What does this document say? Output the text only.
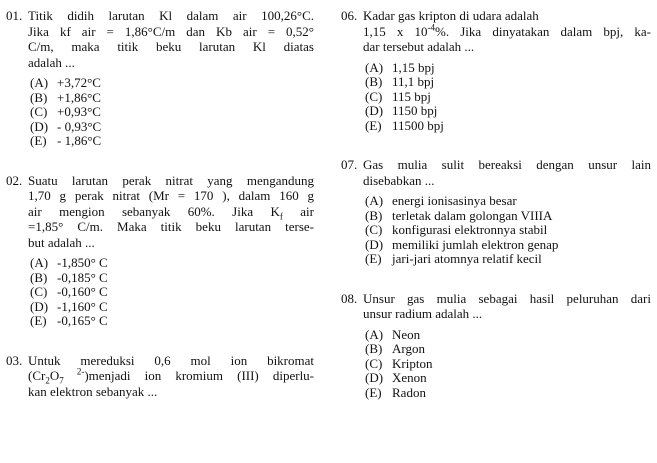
01. Titik didih larutan Kl dalam air 100,26°C.
Jika kf air = 1,86°C/m dan Kb air = 0,52°
C/m, maka titik beku larutan Kl diatas
adalah ...
(A) +3,72°C
(B) +1,86°C
(C) +0,93°C
(D) - 0,93°C
(E) - 1,86°C
02. Suatu larutan perak nitrat yang mengandung
1,70 g perak nitrat (Mr = 170 ), dalam 160 g
air mengion sebanyak 60%. Jika $K_f$ air
=1,85° C/m. Maka titik beku larutan terse-
but adalah ...
(A) -1,850° C
(B) -0,185° C
(C) -0,160° C
(D) -1,160° C
(E) -0,165° C
03. Untuk mereduksi 0,6 mol ion bikromat
($Cr_2O_7$ $^{2-}$)menjadi ion kromium (III) diperlu-
kan elektron sebanyak ...
06. Kadar gas kripton di udara adalah
1,15 x $10^{-4}\%$. Jika dinyatakan dalam bpj, ka-
dar tersebut adalah ...
(A) 1,15 bpj
(B) 11,1 bpj
(C) 115 bpj
(D) 1150 bpj
(E) 11500 bpj
07. Gas mulia sulit bereaksi dengan unsur lain
disebabkan ...
(A) energi ionisasinya besar
(B) terletak dalam golongan VIIIA
(C) konfigurasi elektronnya stabil
(D) memiliki jumlah elektron genap
(E) jari-jari atomnya relatif kecil
08. Unsur gas mulia sebagai hasil peluruhan dari
unsur radium adalah ...
(A) Neon
(B) Argon
(C) Kripton
(D) Xenon
(E) Radon
